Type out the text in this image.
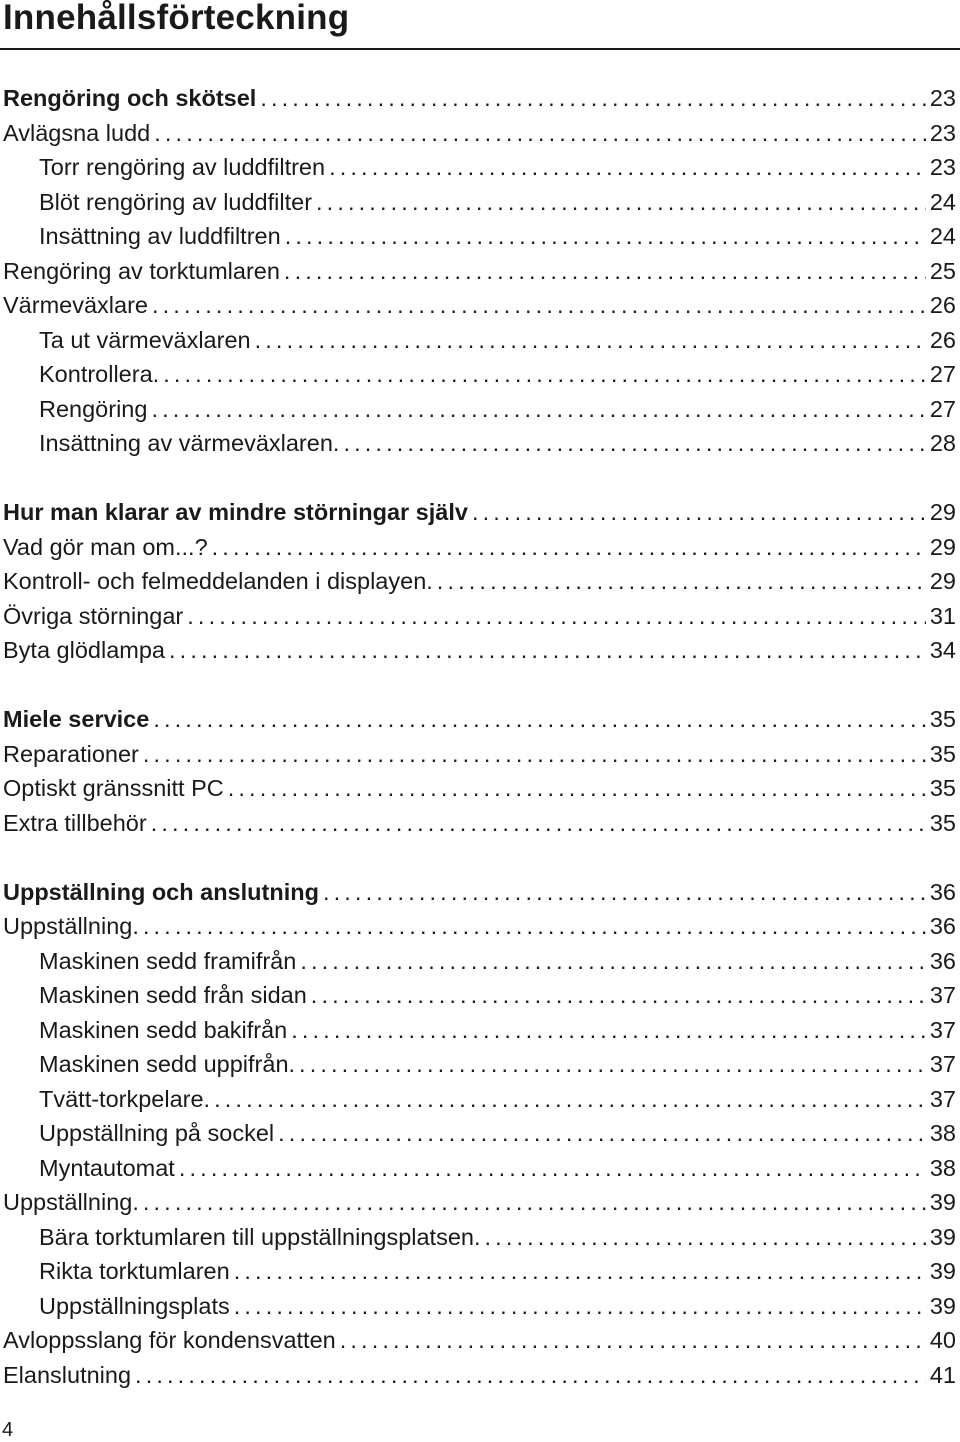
Innehållsförteckning
Rengöring och skötsel . . .	23
Avlägsna ludd . . .	23
Torr rengöring av luddfiltren . . .	23
Blöt rengöring av luddfilter . . .	24
Insättning av luddfiltren . . .	24
Rengöring av torktumlaren . . .	25
Värmeväxlare . . .	26
Ta ut värmeväxlaren . . .	26
Kontrollera. . . .	27
Rengöring . . .	27
Insättning av värmeväxlaren. . . .	28
Hur man klarar av mindre störningar själv . . .	29
Vad gör man om...? . . .	29
Kontroll- och felmeddelanden i displayen. . . .	29
Övriga störningar . . .	31
Byta glödlampa . . .	34
Miele service . . .	35
Reparationer . . .	35
Optiskt gränssnitt PC . . .	35
Extra tillbehör . . .	35
Uppställning och anslutning . . .	36
Uppställning. . . .	36
Maskinen sedd framifrån . . .	36
Maskinen sedd från sidan . . .	37
Maskinen sedd bakifrån . . .	37
Maskinen sedd uppifrån. . . .	37
Tvätt-torkpelare. . . .	37
Uppställning på sockel . . .	38
Myntautomat . . .	38
Uppställning. . . .	39
Bära torktumlaren till uppställningsplatsen. . . .	39
Rikta torktumlaren . . .	39
Uppställningsplats . . .	39
Avloppsslang för kondensvatten . . .	40
Elanslutning . . .	41
4
